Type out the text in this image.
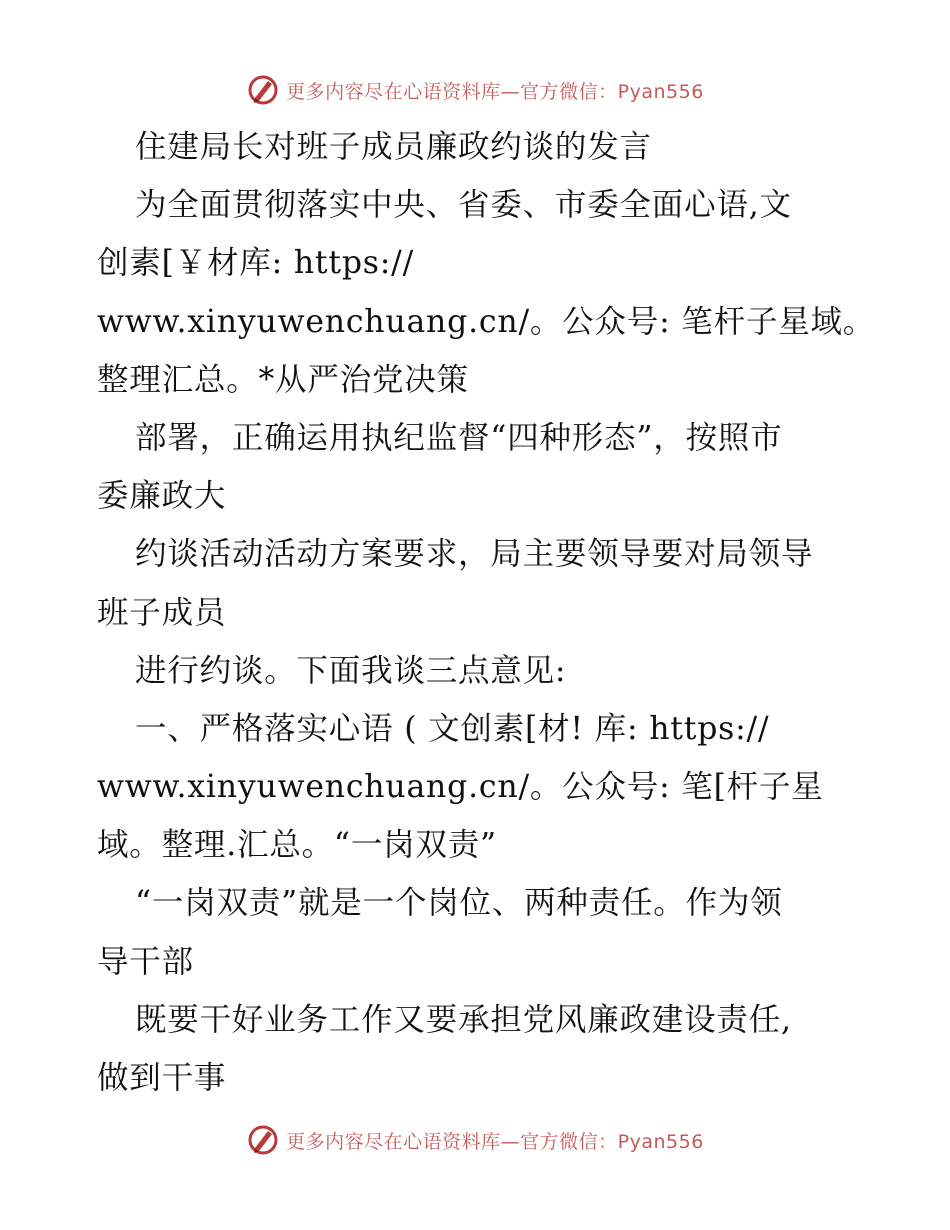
更多内容尽在心语资料库—官方微信：Pyan556
住建局长对班子成员廉政约谈的发言
为全面贯彻落实中央、省委、市委全面心语,文
创素[￥材库: https://
www.xinyuwenchuang.cn/。公众号: 笔杆子星域。
整理汇总。*从严治党决策
部署，正确运用执纪监督“四种形态”，按照市
委廉政大
约谈活动活动方案要求，局主要领导要对局领导
班子成员
进行约谈。下面我谈三点意见:
一、严格落实心语 ( 文创素[材! 库: https://
www.xinyuwenchuang.cn/。公众号: 笔[杆子星
域。整理.汇总。“一岗双责”
“一岗双责”就是一个岗位、两种责任。作为领
导干部
既要干好业务工作又要承担党风廉政建设责任,
做到干事
更多内容尽在心语资料库—官方微信：Pyan556
